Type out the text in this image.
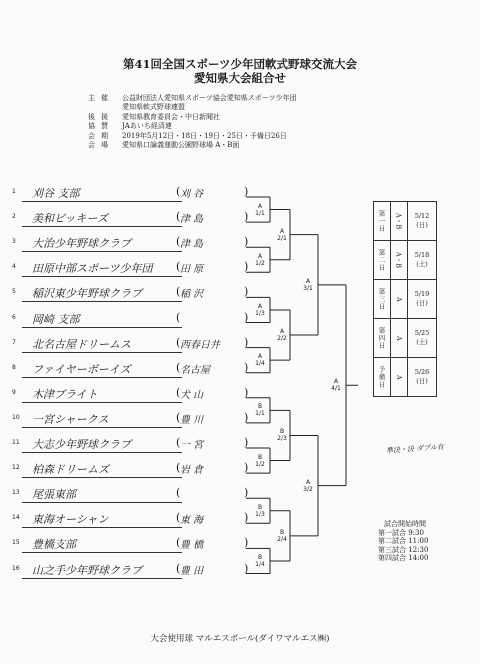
第41回全国スポーツ少年団軟式野球交流大会
愛知県大会組合せ
主催	公益財団法人愛知県スポーツ協会愛知県スポーツ少年団
愛知県軟式野球連盟
後援	愛知県教育委員会・中日新聞社
協賛	JAあいち経済連
会期	2019年5月12日・18日・19日・25日・予備日26日
会場	愛知県口論義運動公園野球場 A・B面
1 刈谷 支部	( 刈 谷	)
2 美和ビッキーズ	( 津 島	)
3 大治少年野球クラブ	( 津 島	)
4 田原中部スポーツ少年団 ( 田 原	)
5 稲沢東少年野球クラブ	( 稲 沢	)
6 岡崎 支部	(	)
7 北名古屋ドリームス	( 西春日井 )
8 ファイヤーボーイズ	( 名古屋	)
9 木津ブライト	( 犬 山	)
10 一宮シャークス	( 豊 川	)
11 大志少年野球クラブ	( 一 宮	)
12 柏森ドリームズ	( 岩 倉	)
13 尾張東部	(	)
14 東海オーシャン	( 東 海	)
15 豊橋支部	( 豊 橋	)
16 山之手少年野球クラブ	( 豊 田	)
A
1/1
A
1/2
A
1/3
A
1/4
B
1/1
B
1/2
B
1/3
B
1/4
A
2/1
A
2/2
B
2/3
B
2/4
A
3/1
A
3/2
A
4/1
第一日	A・B	5/12
(日)
第二日	A・B	5/18
(土)
第三日	A	5/19
(日)
第四日	A	5/25
(土)
予備日	A	5/26
(日)
準決・決 ダブル有
試合開始時間
第一試合 9:30
第二試合 11:00
第三試合 12:30
第四試合 14:00
大会使用球 マルエスボール(ダイワマルエス㈱)
